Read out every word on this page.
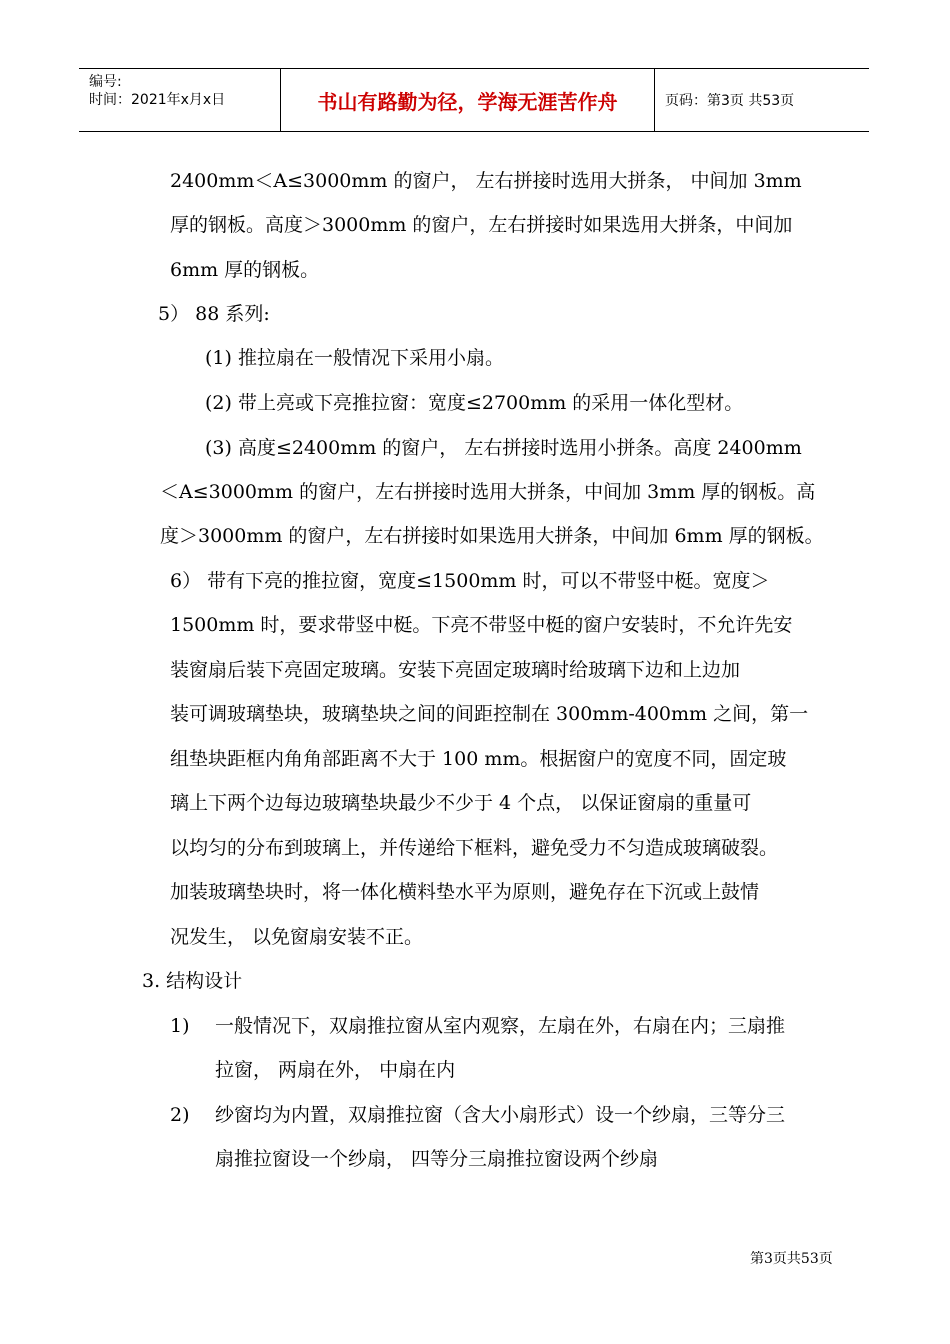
编号:
时间：2021年x月x日	书山有路勤为径，学海无涯苦作舟	页码：第3页 共53页
2400mm＜A≤3000mm 的窗户， 左右拼接时选用大拼条， 中间加 3mm
厚的钢板。高度＞3000mm 的窗户，左右拼接时如果选用大拼条，中间加
6mm 厚的钢板。
5） 88 系列:
(1) 推拉扇在一般情况下采用小扇。
(2) 带上亮或下亮推拉窗：宽度≤2700mm 的采用一体化型材。
(3) 高度≤2400mm 的窗户， 左右拼接时选用小拼条。高度 2400mm
＜A≤3000mm 的窗户，左右拼接时选用大拼条，中间加 3mm 厚的钢板。高
度＞3000mm 的窗户，左右拼接时如果选用大拼条，中间加 6mm 厚的钢板。
6） 带有下亮的推拉窗，宽度≤1500mm 时，可以不带竖中梃。宽度＞
1500mm 时，要求带竖中梃。下亮不带竖中梃的窗户安装时，不允许先安
装窗扇后装下亮固定玻璃。安装下亮固定玻璃时给玻璃下边和上边加
装可调玻璃垫块，玻璃垫块之间的间距控制在 300mm-400mm 之间，第一
组垫块距框内角角部距离不大于 100 mm。根据窗户的宽度不同，固定玻
璃上下两个边每边玻璃垫块最少不少于 4 个点， 以保证窗扇的重量可
以均匀的分布到玻璃上，并传递给下框料，避免受力不匀造成玻璃破裂。
加装玻璃垫块时，将一体化横料垫水平为原则，避免存在下沉或上鼓情
况发生， 以免窗扇安装不正。
3. 结构设计
1) 一般情况下，双扇推拉窗从室内观察，左扇在外，右扇在内；三扇推
拉窗， 两扇在外， 中扇在内
2) 纱窗均为内置，双扇推拉窗（含大小扇形式）设一个纱扇，三等分三
扇推拉窗设一个纱扇， 四等分三扇推拉窗设两个纱扇
第3页共53页
